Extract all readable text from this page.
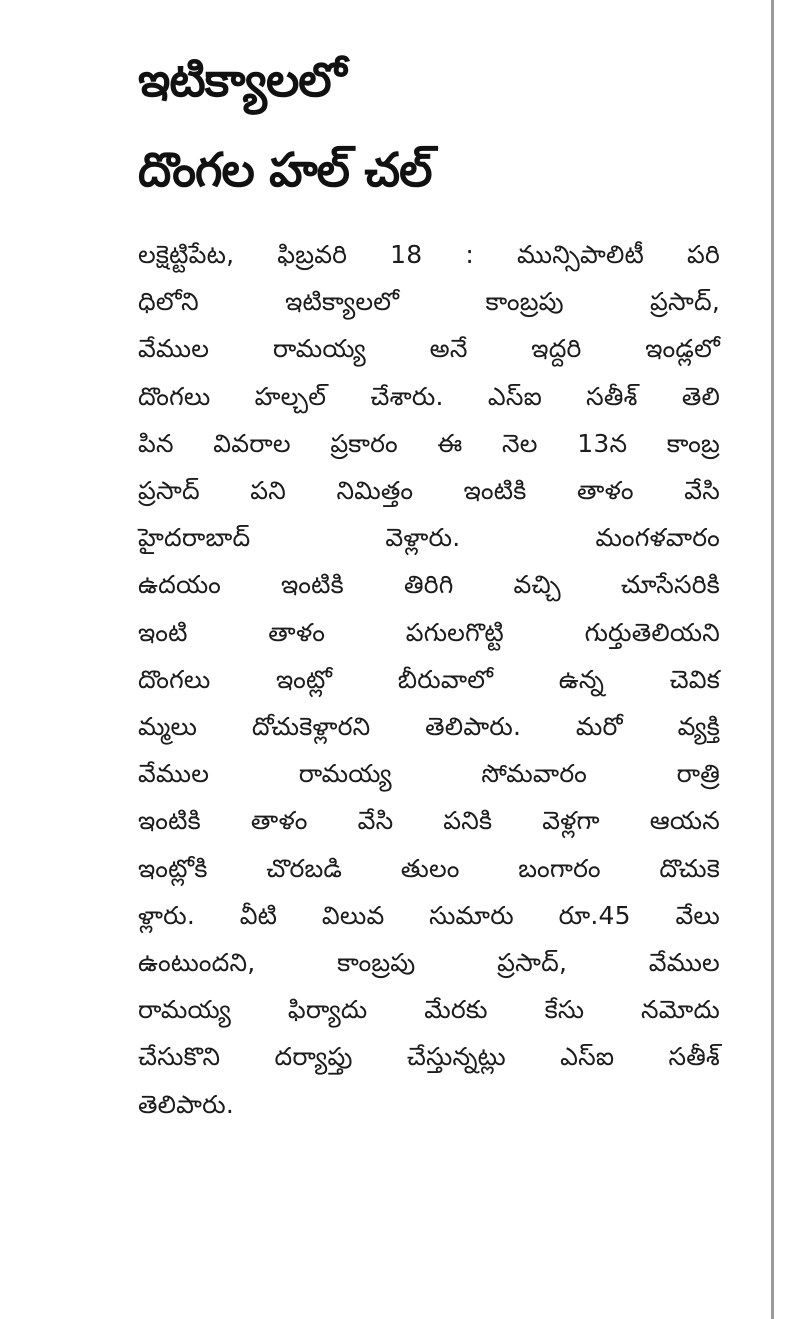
ఇటిక్యాలలో
దొంగల హల్ చల్
లక్షెట్టిపేట, ఫిబ్రవరి 18 : మున్సిపాలిటీ పరి
ధిలోని ఇటిక్యాలలో కాంబ్రపు ప్రసాద్,
వేముల రామయ్య అనే ఇద్దరి ఇండ్లలో
దొంగలు హల్చల్ చేశారు. ఎస్ఐ సతీశ్ తెలి
పిన వివరాల ప్రకారం ఈ నెల 13న కాంబ్ర
ప్రసాద్ పని నిమిత్తం ఇంటికి తాళం వేసి
హైదరాబాద్ వెళ్లారు. మంగళవారం
ఉదయం ఇంటికి తిరిగి వచ్చి చూసేసరికి
ఇంటి తాళం పగులగొట్టి గుర్తుతెలియని
దొంగలు ఇంట్లో బీరువాలో ఉన్న చెవిక
మ్మలు దోచుకెళ్లారని తెలిపారు. మరో వ్యక్తి
వేముల రామయ్య సోమవారం రాత్రి
ఇంటికి తాళం వేసి పనికి వెళ్లగా ఆయన
ఇంట్లోకి చొరబడి తులం బంగారం దొచుకె
ళ్లారు. వీటి విలువ సుమారు రూ.45 వేలు
ఉంటుందని, కాంబ్రపు ప్రసాద్, వేముల
రామయ్య ఫిర్యాదు మేరకు కేసు నమోదు
చేసుకొని దర్యాప్తు చేస్తున్నట్లు ఎస్ఐ సతీశ్
తెలిపారు.
